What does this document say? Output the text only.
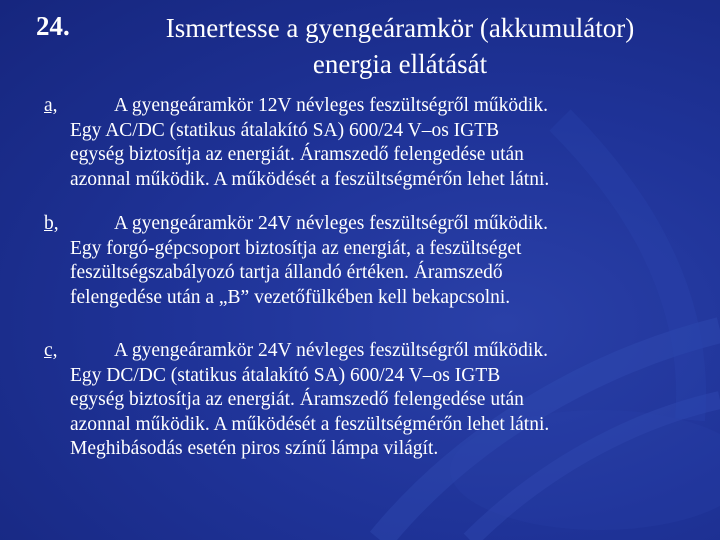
24.	Ismertesse a gyengeáramkör (akkumulátor)
energia ellátását
a,	A gyengeáramkör 12V névleges feszültségről működik.
Egy AC/DC (statikus átalakító SA) 600/24 V–os IGTB
egység biztosítja az energiát. Áramszedő felengedése után
azonnal működik. A működését a feszültségmérőn lehet látni.
b,	A gyengeáramkör 24V névleges feszültségről működik.
Egy forgó-gépcsoport biztosítja az energiát, a feszültséget
feszültségszabályozó tartja állandó értéken. Áramszedő
felengedése után a „B” vezetőfülkében kell bekapcsolni.
c,	A gyengeáramkör 24V névleges feszültségről működik.
Egy DC/DC (statikus átalakító SA) 600/24 V–os IGTB
egység biztosítja az energiát. Áramszedő felengedése után
azonnal működik. A működését a feszültségmérőn lehet látni.
Meghibásodás esetén piros színű lámpa világít.
